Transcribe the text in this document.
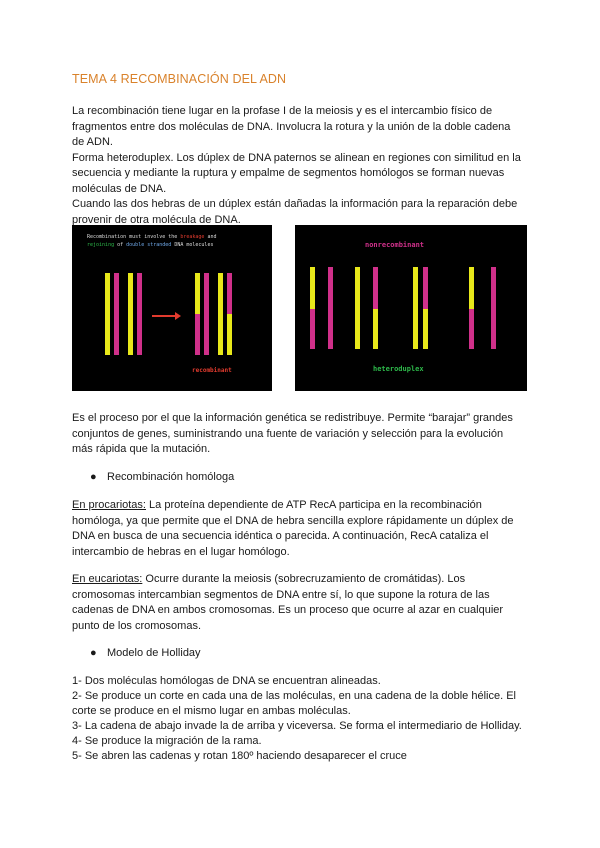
TEMA 4 RECOMBINACIÓN DEL ADN
La recombinación tiene lugar en la profase I de la meiosis y es el intercambio físico de
fragmentos entre dos moléculas de DNA. Involucra la rotura y la unión de la doble cadena
de ADN.
Forma heteroduplex. Los dúplex de DNA paternos se alinean en regiones con similitud en la
secuencia y mediante la ruptura y empalme de segmentos homólogos se forman nuevas
moléculas de DNA.
Cuando las dos hebras de un dúplex están dañadas la información para la reparación debe
provenir de otra molécula de DNA.
Recombination must involve the breakage and
rejoining of double stranded DNA molecules
recombinant
nonrecombinant
heteroduplex
Es el proceso por el que la información genética se redistribuye. Permite “barajar” grandes
conjuntos de genes, suministrando una fuente de variación y selección para la evolución
más rápida que la mutación.
● Recombinación homóloga
En procariotas: La proteína dependiente de ATP RecA participa en la recombinación
homóloga, ya que permite que el DNA de hebra sencilla explore rápidamente un dúplex de
DNA en busca de una secuencia idéntica o parecida. A continuación, RecA cataliza el
intercambio de hebras en el lugar homólogo.
En eucariotas: Ocurre durante la meiosis (sobrecruzamiento de cromátidas). Los
cromosomas intercambian segmentos de DNA entre sí, lo que supone la rotura de las
cadenas de DNA en ambos cromosomas. Es un proceso que ocurre al azar en cualquier
punto de los cromosomas.
● Modelo de Holliday
1- Dos moléculas homólogas de DNA se encuentran alineadas.
2- Se produce un corte en cada una de las moléculas, en una cadena de la doble hélice. El
corte se produce en el mismo lugar en ambas moléculas.
3- La cadena de abajo invade la de arriba y viceversa. Se forma el intermediario de Holliday.
4- Se produce la migración de la rama.
5- Se abren las cadenas y rotan 180º haciendo desaparecer el cruce
